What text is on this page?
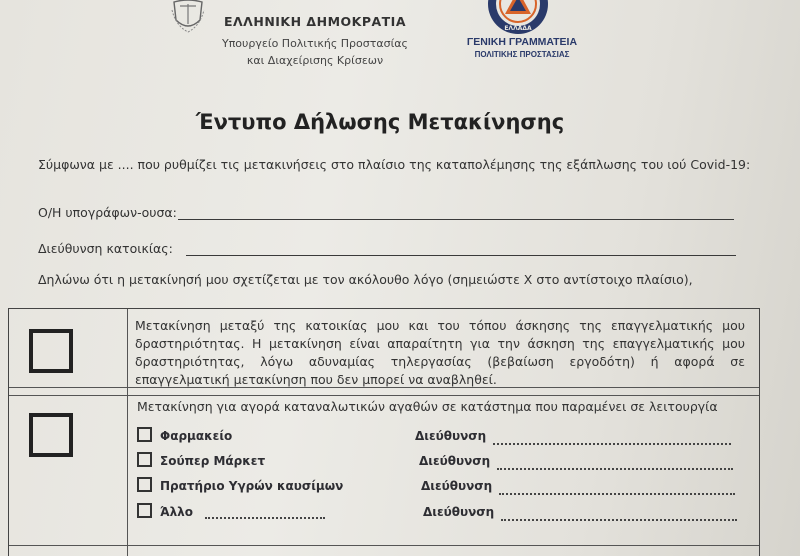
ΕΛΛΗΝΙΚΗ ΔΗΜΟΚΡΑΤΙΑ
Υπουργείο Πολιτικής Προστασίας
και Διαχείρισης Κρίσεων
ΕΛΛΑΔΑ
ΓΕΝΙΚΗ ΓΡΑΜΜΑΤΕΙΑ
ΠΟΛΙΤΙΚΗΣ ΠΡΟΣΤΑΣΙΑΣ
Έντυπο Δήλωσης Μετακίνησης
Σύμφωνα με .... που ρυθμίζει τις μετακινήσεις στο πλαίσιο της καταπολέμησης της εξάπλωσης του ιού Covid-19:
Ο/Η υπογράφων-ουσα:
Διεύθυνση κατοικίας:
Δηλώνω ότι η μετακίνησή μου σχετίζεται με τον ακόλουθο λόγο (σημειώστε Χ στο αντίστοιχο πλαίσιο),
Μετακίνηση μεταξύ της κατοικίας μου και του τόπου άσκησης της επαγγελματικής μου δραστηριότητας. Η μετακίνηση είναι απαραίτητη για την άσκηση της επαγγελματικής μου δραστηριότητας, λόγω αδυναμίας τηλεργασίας (βεβαίωση εργοδότη) ή αφορά σε επαγγελματική μετακίνηση που δεν μπορεί να αναβληθεί.
Μετακίνηση για αγορά καταναλωτικών αγαθών σε κατάστημα που παραμένει σε λειτουργία
Φαρμακείο	Διεύθυνση
Σούπερ Μάρκετ	Διεύθυνση
Πρατήριο Υγρών καυσίμων	Διεύθυνση
Άλλο	Διεύθυνση
